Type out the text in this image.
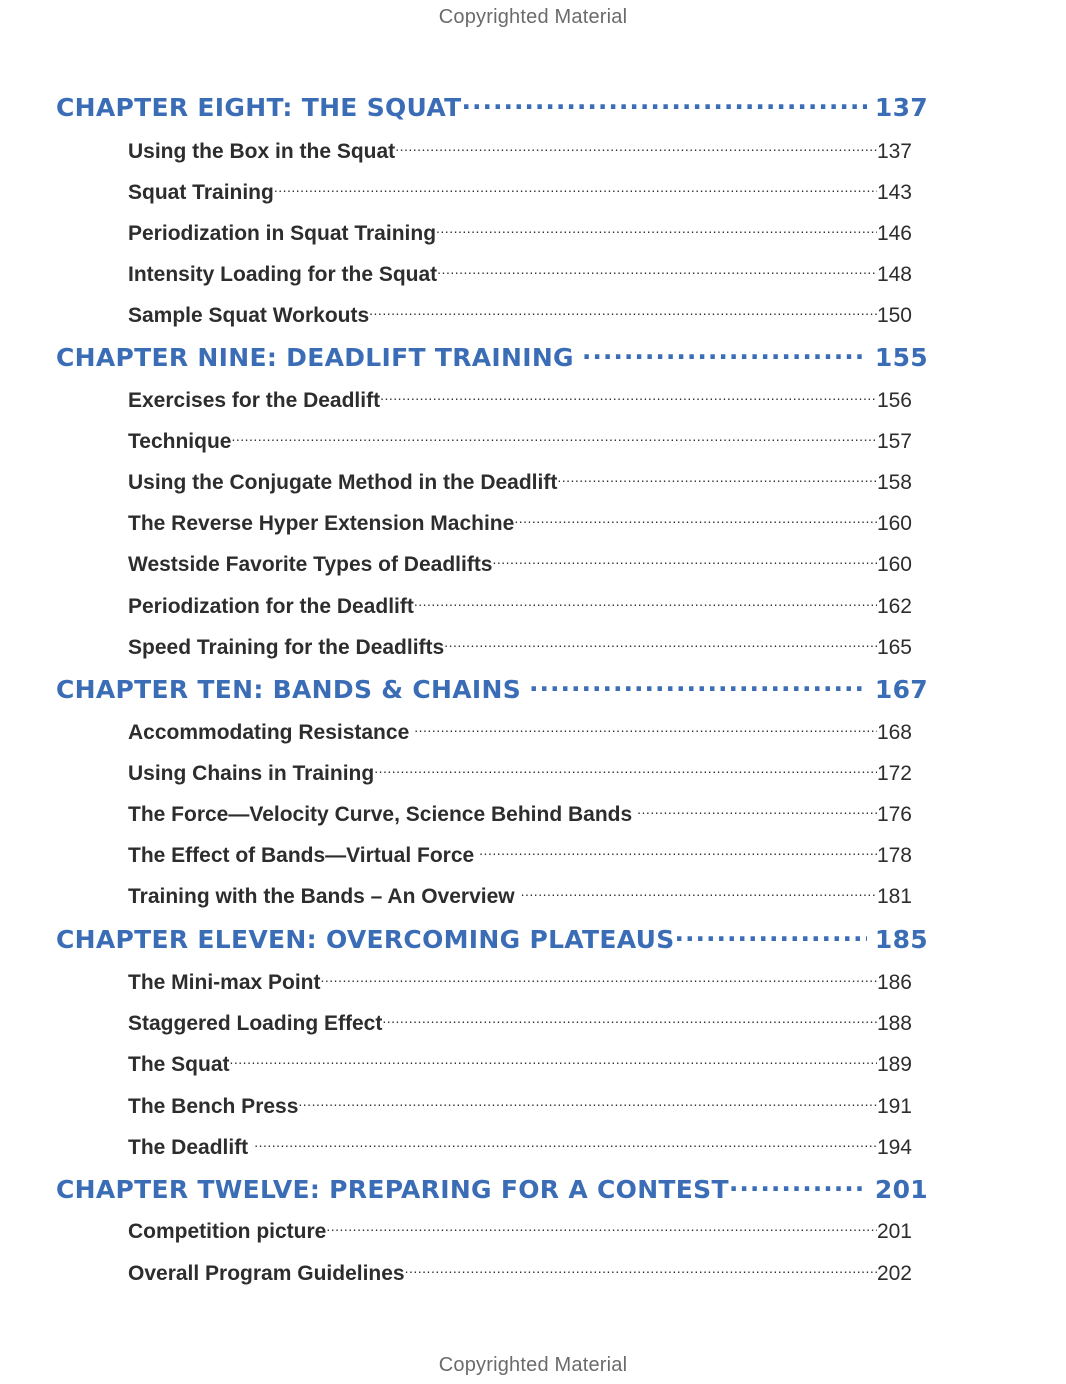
Copyrighted Material
CHAPTER EIGHT: THE SQUAT .....	137
Using the Box in the Squat .....	137
Squat Training .....	143
Periodization in Squat Training .....	146
Intensity Loading for the Squat .....	148
Sample Squat Workouts .....	150
CHAPTER NINE: DEADLIFT TRAINING .....	155
Exercises for the Deadlift .....	156
Technique .....	157
Using the Conjugate Method in the Deadlift .....	158
The Reverse Hyper Extension Machine .....	160
Westside Favorite Types of Deadlifts .....	160
Periodization for the Deadlift .....	162
Speed Training for the Deadlifts .....	165
CHAPTER TEN: BANDS & CHAINS .....	167
Accommodating Resistance .....	168
Using Chains in Training .....	172
The Force—Velocity Curve, Science Behind Bands .....	176
The Effect of Bands—Virtual Force .....	178
Training with the Bands – An Overview .....	181
CHAPTER ELEVEN: OVERCOMING PLATEAUS .....	185
The Mini-max Point .....	186
Staggered Loading Effect .....	188
The Squat .....	189
The Bench Press .....	191
The Deadlift .....	194
CHAPTER TWELVE: PREPARING FOR A CONTEST .....	201
Competition picture .....	201
Overall Program Guidelines .....	202
Copyrighted Material
